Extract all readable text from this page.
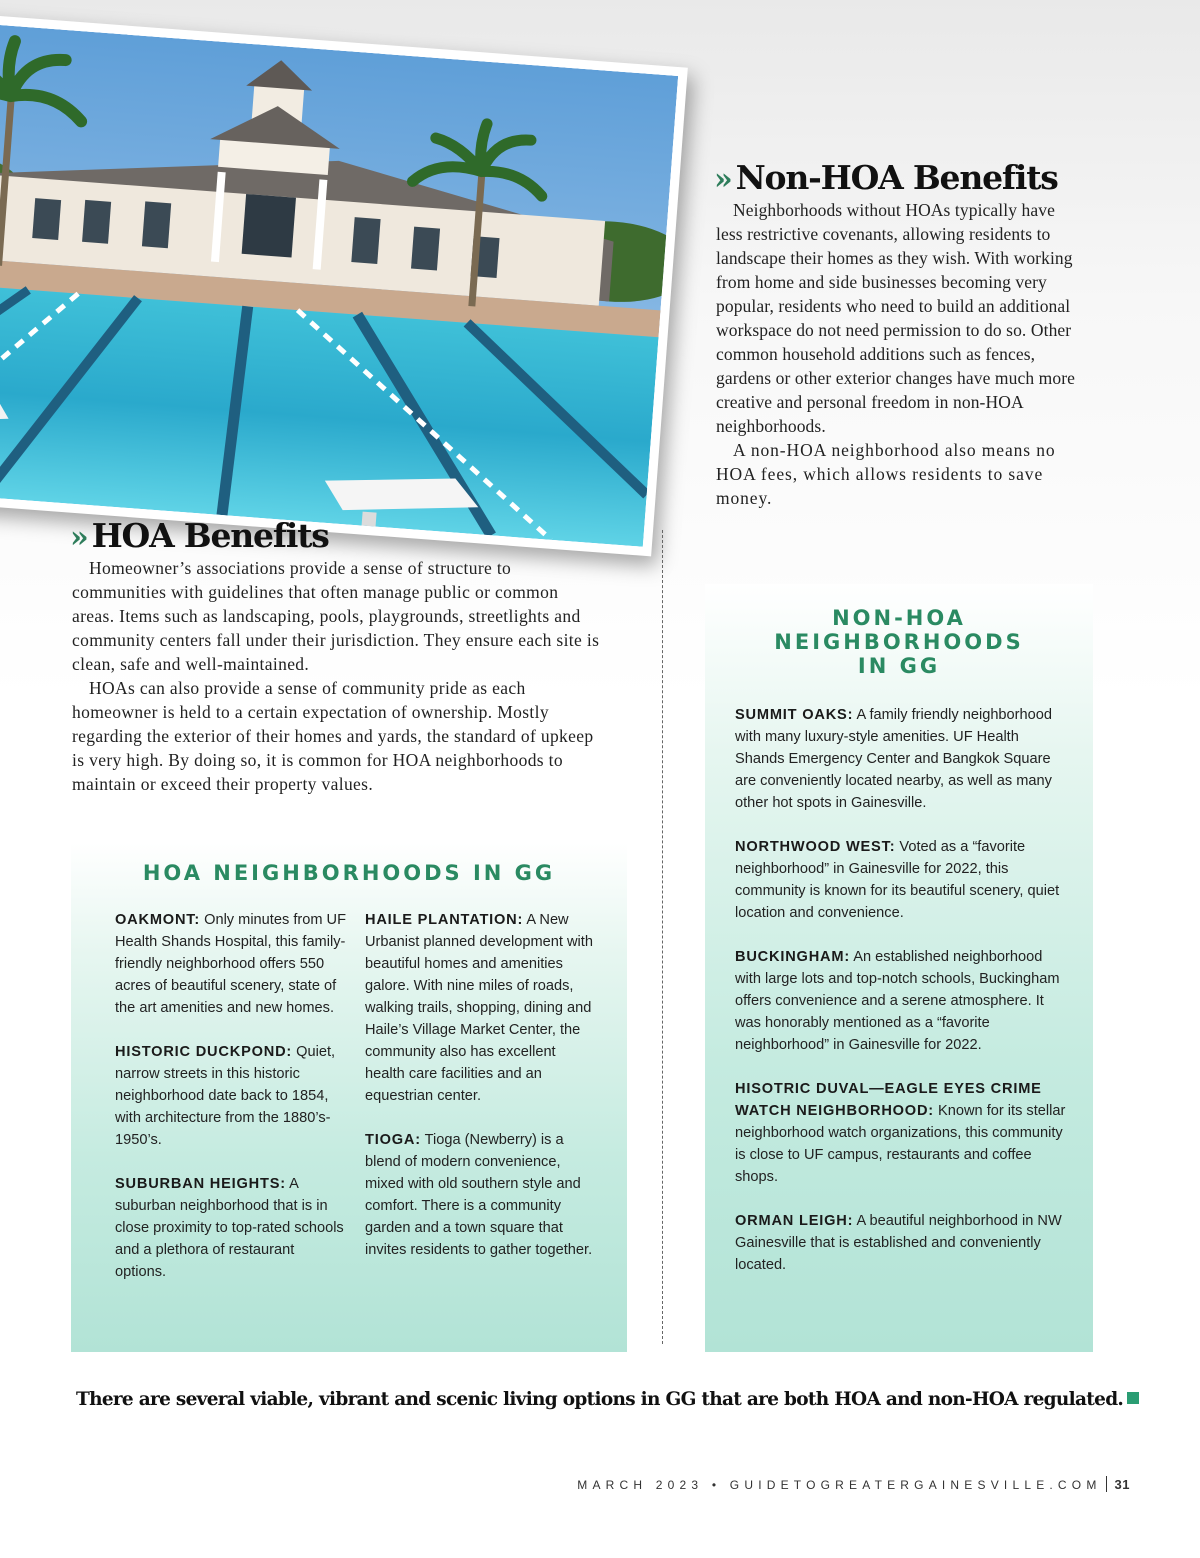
» Non-HOA Benefits

Neighborhoods without HOAs typically have less restrictive covenants, allowing residents to landscape their homes as they wish. With working from home and side businesses becoming very popular, residents who need to build an additional workspace do not need permission to do so. Other common household additions such as fences, gardens or other exterior changes have much more creative and personal freedom in non-HOA neighborhoods.

A non-HOA neighborhood also means no HOA fees, which allows residents to save money.

» HOA Benefits

Homeowner’s associations provide a sense of structure to communities with guidelines that often manage public or common areas. Items such as landscaping, pools, playgrounds, streetlights and community centers fall under their jurisdiction. They ensure each site is clean, safe and well-maintained.

HOAs can also provide a sense of community pride as each homeowner is held to a certain expectation of ownership. Mostly regarding the exterior of their homes and yards, the standard of upkeep is very high. By doing so, it is common for HOA neighborhoods to maintain or exceed their property values.

HOA NEIGHBORHOODS IN GG
OAKMONT: Only minutes from UF Health Shands Hospital, this family-friendly neighborhood offers 550 acres of beautiful scenery, state of the art amenities and new homes.
HISTORIC DUCKPOND: Quiet, narrow streets in this historic neighborhood date back to 1854, with architecture from the 1880’s-1950’s.
SUBURBAN HEIGHTS: A suburban neighborhood that is in close proximity to top-rated schools and a plethora of restaurant options.
HAILE PLANTATION: A New Urbanist planned development with beautiful homes and amenities galore. With nine miles of roads, walking trails, shopping, dining and Haile’s Village Market Center, the community also has excellent health care facilities and an equestrian center.
TIOGA: Tioga (Newberry) is a blend of modern convenience, mixed with old southern style and comfort. There is a community garden and a town square that invites residents to gather together.
NON-HOA
NEIGHBORHOODS
IN GG
SUMMIT OAKS: A family friendly neighborhood with many luxury-style amenities. UF Health Shands Emergency Center and Bangkok Square are conveniently located nearby, as well as many other hot spots in Gainesville.
NORTHWOOD WEST: Voted as a “favorite neighborhood” in Gainesville for 2022, this community is known for its beautiful scenery, quiet location and convenience.
BUCKINGHAM: An established neighborhood with large lots and top-notch schools, Buckingham offers convenience and a serene atmosphere. It was honorably mentioned as a “favorite neighborhood” in Gainesville for 2022.
HISOTRIC DUVAL—EAGLE EYES CRIME WATCH NEIGHBORHOOD: Known for its stellar neighborhood watch organizations, this community is close to UF campus, restaurants and coffee shops.
ORMAN LEIGH: A beautiful neighborhood in NW Gainesville that is established and conveniently located.
There are several viable, vibrant and scenic living options in GG that are both HOA and non-HOA regulated.
MARCH 2023 • GUIDETOGREATERGAINESVILLE.COM 31
